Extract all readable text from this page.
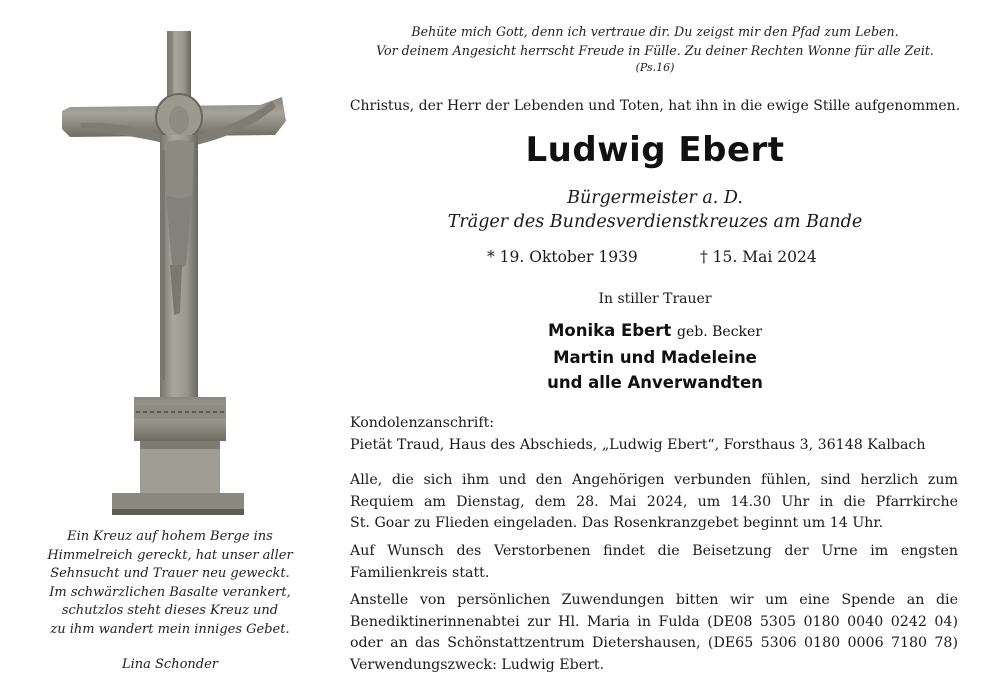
Ein Kreuz auf hohem Berge ins
Himmelreich gereckt, hat unser aller
Sehnsucht und Trauer neu geweckt.
Im schwärzlichen Basalte verankert,
schutzlos steht dieses Kreuz und
zu ihm wandert mein inniges Gebet.
Lina Schonder
Behüte mich Gott, denn ich vertraue dir. Du zeigst mir den Pfad zum Leben.
Vor deinem Angesicht herrscht Freude in Fülle. Zu deiner Rechten Wonne für alle Zeit.
(Ps.16)
Christus, der Herr der Lebenden und Toten, hat ihn in die ewige Stille aufgenommen.
Ludwig Ebert
Bürgermeister a. D.
Träger des Bundesverdienstkreuzes am Bande
* 19. Oktober 1939	† 15. Mai 2024
In stiller Trauer
Monika Ebert geb. Becker
Martin und Madeleine
und alle Anverwandten
Kondolenzanschrift:
Pietät Traud, Haus des Abschieds, „Ludwig Ebert“, Forsthaus 3, 36148 Kalbach
Alle, die sich ihm und den Angehörigen verbunden fühlen, sind herzlich zum
Requiem am Dienstag, dem 28. Mai 2024, um 14.30 Uhr in die Pfarrkirche
St. Goar zu Flieden eingeladen. Das Rosenkranzgebet beginnt um 14 Uhr.
Auf Wunsch des Verstorbenen findet die Beisetzung der Urne im engsten
Familienkreis statt.
Anstelle von persönlichen Zuwendungen bitten wir um eine Spende an die
Benediktinerinnenabtei zur Hl. Maria in Fulda (DE08 5305 0180 0040 0242 04)
oder an das Schönstattzentrum Dietershausen, (DE65 5306 0180 0006 7180 78)
Verwendungszweck: Ludwig Ebert.
